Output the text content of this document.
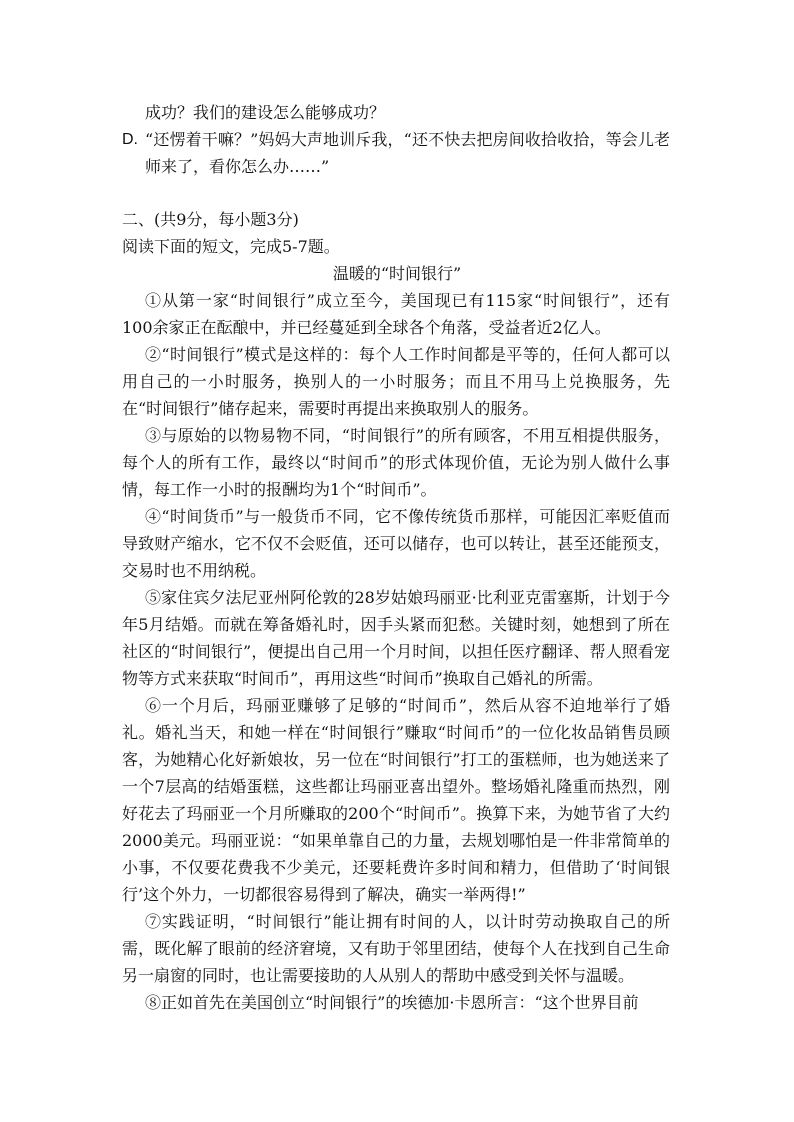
成功？我们的建设怎么能够成功？

D. “还愣着干嘛？”妈妈大声地训斥我，“还不快去把房间收拾收拾，等会儿老师来了，看你怎么办……”

二、(共9分，每小题3分)

阅读下面的短文，完成5-7题。

温暖的“时间银行”

①从第一家“时间银行”成立至今，美国现已有115家“时间银行”，还有100余家正在酝酿中，并已经蔓延到全球各个角落，受益者近2亿人。

②“时间银行”模式是这样的：每个人工作时间都是平等的，任何人都可以用自己的一小时服务，换别人的一小时服务；而且不用马上兑换服务，先在“时间银行”储存起来，需要时再提出来换取别人的服务。

③与原始的以物易物不同，“时间银行”的所有顾客，不用互相提供服务，每个人的所有工作，最终以“时间币”的形式体现价值，无论为别人做什么事情，每工作一小时的报酬均为1个“时间币”。

④“时间货币”与一般货币不同，它不像传统货币那样，可能因汇率贬值而导致财产缩水，它不仅不会贬值，还可以储存，也可以转让，甚至还能预支，交易时也不用纳税。

⑤家住宾夕法尼亚州阿伦敦的28岁姑娘玛丽亚·比利亚克雷塞斯，计划于今年5月结婚。而就在筹备婚礼时，因手头紧而犯愁。关键时刻，她想到了所在社区的“时间银行”，便提出自己用一个月时间，以担任医疗翻译、帮人照看宠物等方式来获取“时间币”，再用这些“时间币”换取自己婚礼的所需。

⑥一个月后，玛丽亚赚够了足够的“时间币”，然后从容不迫地举行了婚礼。婚礼当天，和她一样在“时间银行”赚取“时间币”的一位化妆品销售员顾客，为她精心化好新娘妆，另一位在“时间银行”打工的蛋糕师，也为她送来了一个7层高的结婚蛋糕，这些都让玛丽亚喜出望外。整场婚礼隆重而热烈，刚好花去了玛丽亚一个月所赚取的200个“时间币”。换算下来，为她节省了大约2000美元。玛丽亚说：“如果单靠自己的力量，去规划哪怕是一件非常简单的小事，不仅要花费我不少美元，还要耗费许多时间和精力，但借助了‘时间银行’这个外力，一切都很容易得到了解决，确实一举两得!”

⑦实践证明，“时间银行”能让拥有时间的人，以计时劳动换取自己的所需，既化解了眼前的经济窘境，又有助于邻里团结，使每个人在找到自己生命另一扇窗的同时，也让需要接助的人从别人的帮助中感受到关怀与温暖。

⑧正如首先在美国创立“时间银行”的埃德加·卡恩所言：“这个世界目前
